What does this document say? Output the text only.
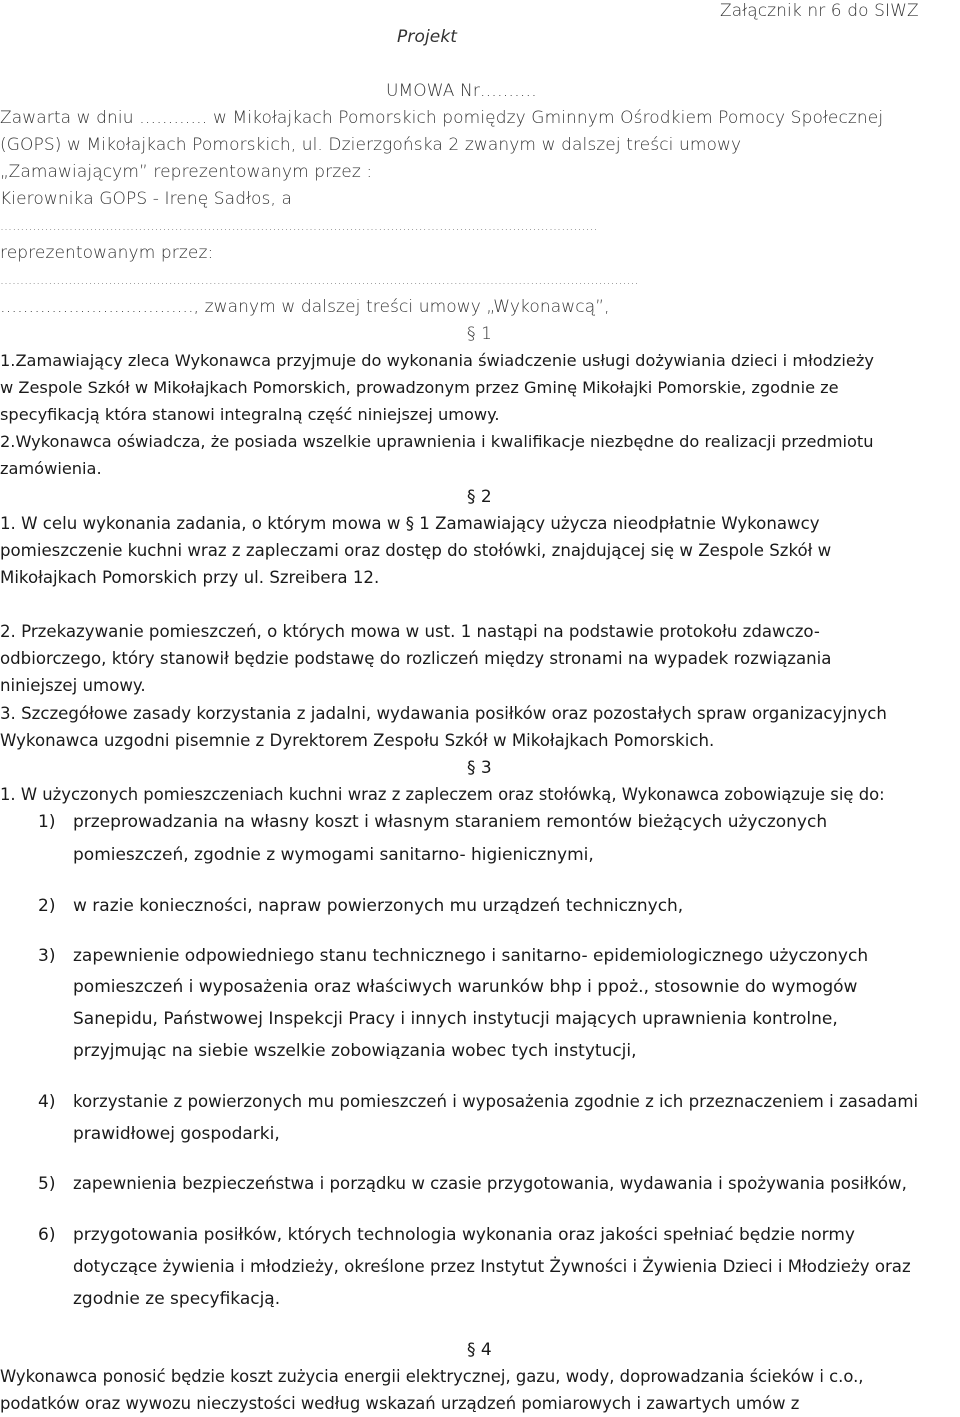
Załącznik nr 6 do SIWZ
Projekt
UMOWA Nr……….
Zawarta w dniu ………… w Mikołajkach Pomorskich pomiędzy Gminnym Ośrodkiem Pomocy Społecznej
(GOPS) w Mikołajkach Pomorskich, ul. Dzierzgońska 2 zwanym w dalszej treści umowy
„Zamawiającym” reprezentowanym przez :
Kierownika GOPS - Irenę Sadłos, a
…………………………………………………………………………………………………………………………………
reprezentowanym przez:
……………………………………………………………………………………………………………………………………………
……………………………., zwanym w dalszej treści umowy „Wykonawcą”,
§ 1
1.Zamawiający zleca Wykonawca przyjmuje do wykonania świadczenie usługi dożywiania dzieci i młodzieży
w Zespole Szkół w Mikołajkach Pomorskich, prowadzonym przez Gminę Mikołajki Pomorskie, zgodnie ze
specyfikacją która stanowi integralną część niniejszej umowy.
2.Wykonawca oświadcza, że posiada wszelkie uprawnienia i kwalifikacje niezbędne do realizacji przedmiotu
zamówienia.
§ 2
1. W celu wykonania zadania, o którym mowa w § 1 Zamawiający użycza nieodpłatnie Wykonawcy
pomieszczenie kuchni wraz z zapleczami oraz dostęp do stołówki, znajdującej się w Zespole Szkół w
Mikołajkach Pomorskich przy ul. Szreibera 12.
2. Przekazywanie pomieszczeń, o których mowa w ust. 1 nastąpi na podstawie protokołu zdawczo-
odbiorczego, który stanowił będzie podstawę do rozliczeń między stronami na wypadek rozwiązania
niniejszej umowy.
3. Szczegółowe zasady korzystania z jadalni, wydawania posiłków oraz pozostałych spraw organizacyjnych
Wykonawca uzgodni pisemnie z Dyrektorem Zespołu Szkół w Mikołajkach Pomorskich.
§ 3
1. W użyczonych pomieszczeniach kuchni wraz z zapleczem oraz stołówką, Wykonawca zobowiązuje się do:
1) przeprowadzania na własny koszt i własnym staraniem remontów bieżących użyczonych
pomieszczeń, zgodnie z wymogami sanitarno- higienicznymi,
2) w razie konieczności, napraw powierzonych mu urządzeń technicznych,
3) zapewnienie odpowiedniego stanu technicznego i sanitarno- epidemiologicznego użyczonych
pomieszczeń i wyposażenia oraz właściwych warunków bhp i ppoż., stosownie do wymogów
Sanepidu, Państwowej Inspekcji Pracy i innych instytucji mających uprawnienia kontrolne,
przyjmując na siebie wszelkie zobowiązania wobec tych instytucji,
4) korzystanie z powierzonych mu pomieszczeń i wyposażenia zgodnie z ich przeznaczeniem i zasadami
prawidłowej gospodarki,
5) zapewnienia bezpieczeństwa i porządku w czasie przygotowania, wydawania i spożywania posiłków,
6) przygotowania posiłków, których technologia wykonania oraz jakości spełniać będzie normy
dotyczące żywienia i młodzieży, określone przez Instytut Żywności i Żywienia Dzieci i Młodzieży oraz
zgodnie ze specyfikacją.
§ 4
Wykonawca ponosić będzie koszt zużycia energii elektrycznej, gazu, wody, doprowadzania ścieków i c.o.,
podatków oraz wywozu nieczystości według wskazań urządzeń pomiarowych i zawartych umów z
